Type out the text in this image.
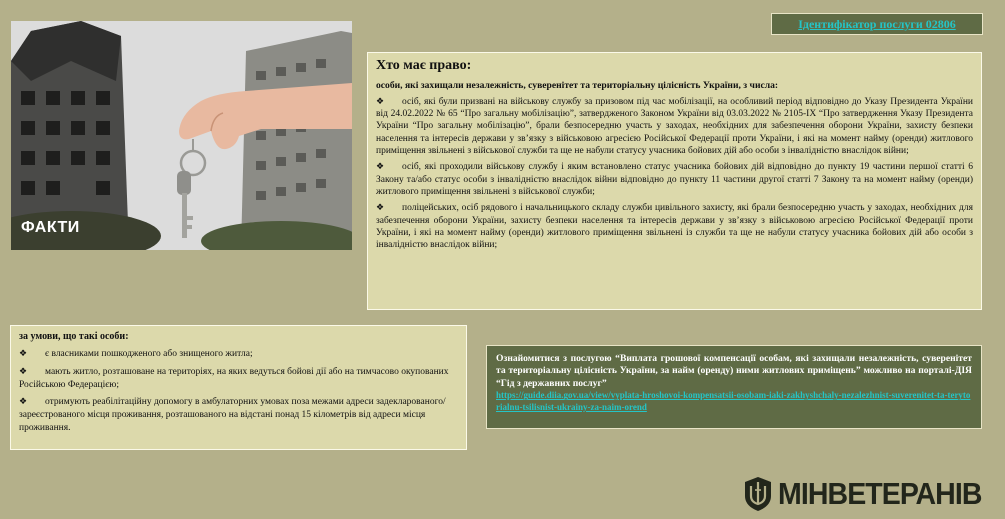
Ідентифікатор послуги 02806
ФАКТИ
Хто має право:
особи, які захищали незалежність, суверенітет та територіальну цілісність України, з числа:
❖ осіб, які були призвані на військову службу за призовом під час мобілізації, на особливий період відповідно до Указу Президента України від 24.02.2022 № 65 “Про загальну мобілізацію”, затвердженого Законом України від 03.03.2022 № 2105-IX “Про затвердження Указу Президента України “Про загальну мобілізацію”, брали безпосередню участь у заходах, необхідних для забезпечення оборони України, захисту безпеки населення та інтересів держави у зв’язку з військовою агресією Російської Федерації проти України, і які на момент найму (оренди) житлового приміщення звільнені з військової служби та ще не набули статусу учасника бойових дій або особи з інвалідністю внаслідок війни;
❖ осіб, які проходили військову службу і яким встановлено статус учасника бойових дій відповідно до пункту 19 частини першої статті 6 Закону та/або статус особи з інвалідністю внаслідок війни відповідно до пункту 11 частини другої статті 7 Закону та на момент найму (оренди) житлового приміщення звільнені з військової служби;
❖ поліцейських, осіб рядового і начальницького складу служби цивільного захисту, які брали безпосередню участь у заходах, необхідних для забезпечення оборони України, захисту безпеки населення та інтересів держави у зв’язку з військовою агресією Російської Федерації проти України, і які на момент найму (оренди) житлового приміщення звільнені із служби та ще не набули статусу учасника бойових дій або особи з інвалідністю внаслідок війни;
за умови, що такі особи:
❖ є власниками пошкодженого або знищеного житла;
❖ мають житло, розташоване на територіях, на яких ведуться бойові дії або на тимчасово окупованих Російською Федерацією;
❖ отримують реабілітаційну допомогу в амбулаторних умовах поза межами адреси задекларованого/зареєстрованого місця проживання, розташованого на відстані понад 15 кілометрів від адреси місця проживання.
Ознайомитися з послугою “Виплата грошової компенсації особам, які захищали незалежність, суверенітет та територіальну цілісність України, за найм (оренду) ними житлових приміщень” можливо на порталі-ДІЯ “Гід з державних послуг”
https://guide.diia.gov.ua/view/vyplata-hroshovoi-kompensatsii-osobam-iaki-zakhyshchaly-nezalezhnist-suverenitet-ta-terytorialnu-tsilisnist-ukrainy-za-naim-orend
МІНВЕТЕРАНІВ
